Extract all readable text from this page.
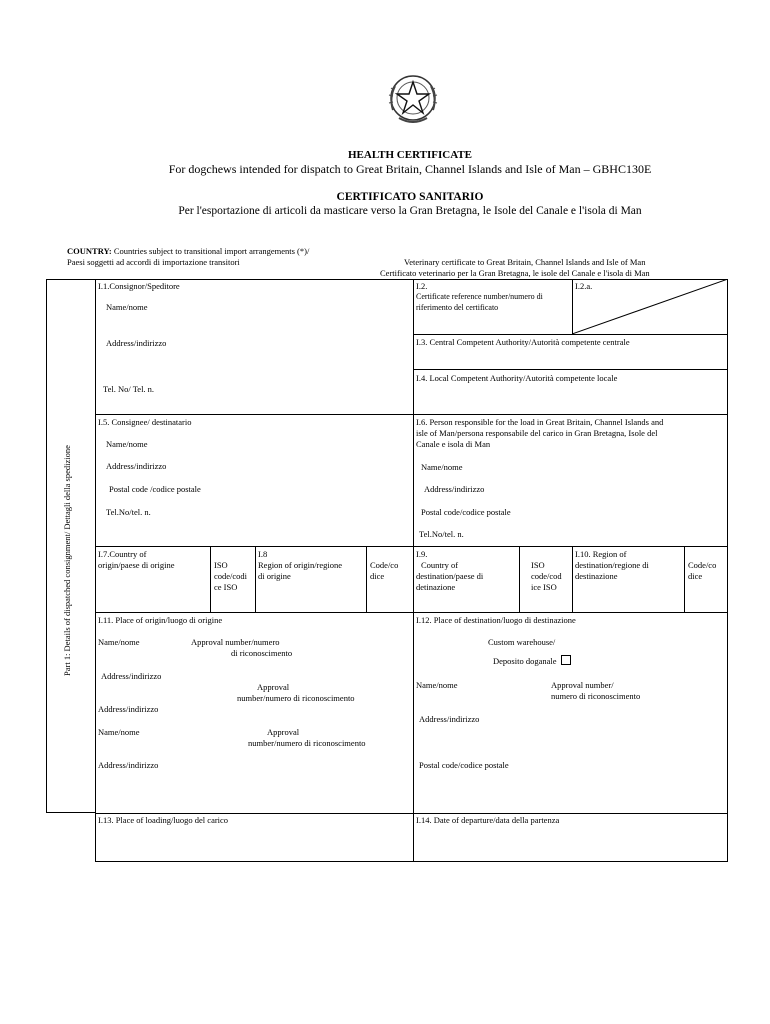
HEALTH CERTIFICATE
For dogchews intended for dispatch to Great Britain, Channel Islands and Isle of Man – GBHC130E
CERTIFICATO SANITARIO
Per l'esportazione di articoli da masticare verso la Gran Bretagna, le Isole del Canale e l'isola di Man
COUNTRY: Countries subject to transitional import arrangements (*)/
Paesi soggetti ad accordi di importazione transitori	Veterinary certificate to Great Britain, Channel Islands and Isle of Man
Certificato veterinario per la Gran Bretagna, le isole del Canale e l'isola di Man
Part 1: Details of dispatched consignment/ Dettagli della spedizione
I.1.Consignor/Speditore
Name/nome
Address/indirizzo
Tel. No/ Tel. n.
I.2.
Certificate reference number/numero di
riferimento del certificato
I.2.a.
I.3. Central Competent Authority/Autorità competente centrale
I.4. Local Competent Authority/Autorità competente locale
I.5. Consignee/ destinatario
Name/nome
Address/indirizzo
Postal code /codice postale
Tel.No/tel. n.
I.6. Person responsible for the load in Great Britain, Channel Islands and
isle of Man/persona responsabile del carico in Gran Bretagna, Isole del
Canale e isola di Man
Name/nome
Address/indirizzo
Postal code/codice postale
Tel.No/tel. n.
I.7.Country of
origin/paese di origine	ISO
code/codi
ce ISO
I.8
Region of origin/regione
di origine
Code/co
dice
I.9.
Country of
destination/paese di
detinazione
ISO
code/cod
ice ISO
I.10. Region of
destination/regione di
destinazione
Code/co
dice
I.11. Place of origin/luogo di origine
Name/nome	Approval number/numero
di riconoscimento
Address/indirizzo
Approval
number/numero di riconoscimento
Address/indirizzo
Name/nome	Approval
number/numero di riconoscimento
Address/indirizzo
I.12. Place of destination/luogo di destinazione
Custom warehouse/
Deposito doganale
Name/nome	Approval number/
numero di riconoscimento
Address/indirizzo
Postal code/codice postale
I.13. Place of loading/luogo del carico	I.14. Date of departure/data della partenza
